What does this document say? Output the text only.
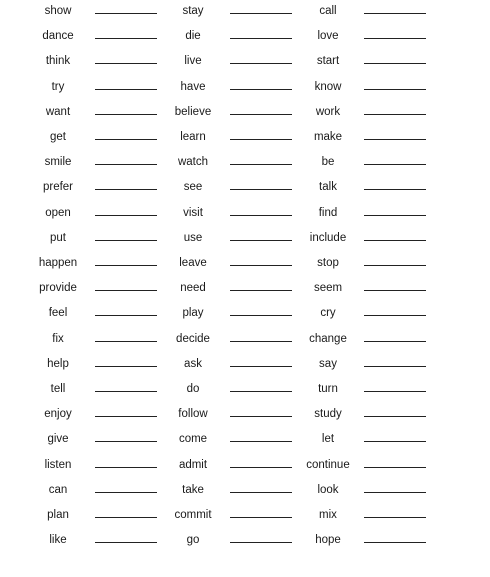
show	stay	call
dance	die	love
think	live	start
try	have	know
want	believe	work
get	learn	make
smile	watch	be
prefer	see	talk
open	visit	find
put	use	include
happen	leave	stop
provide	need	seem
feel	play	cry
fix	decide	change
help	ask	say
tell	do	turn
enjoy	follow	study
give	come	let
listen	admit	continue
can	take	look
plan	commit	mix
like	go	hope
